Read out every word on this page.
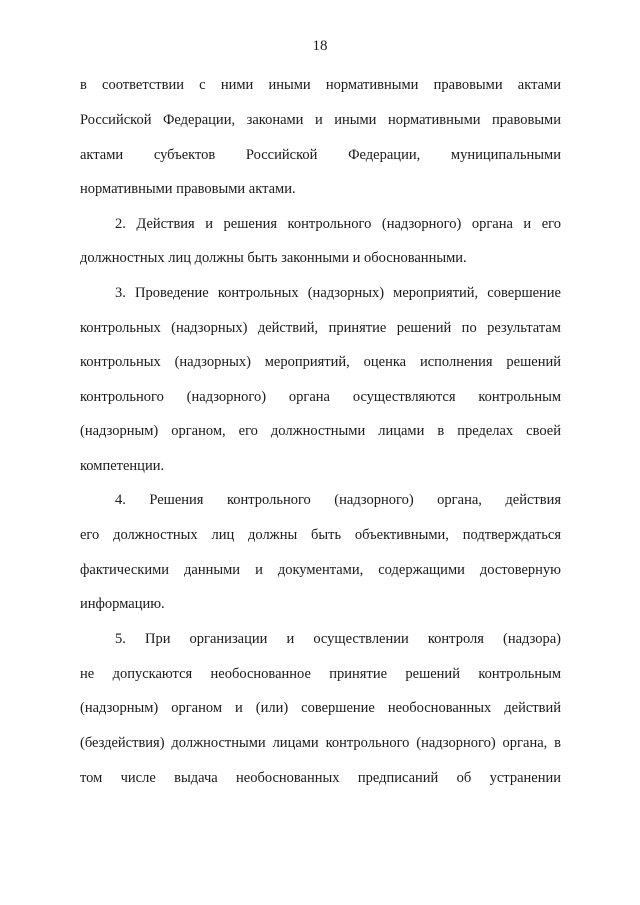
18
в соответствии с ними иными нормативными правовыми актами
Российской Федерации, законами и иными нормативными правовыми
актами субъектов Российской Федерации, муниципальными
нормативными правовыми актами.
2. Действия и решения контрольного (надзорного) органа и его
должностных лиц должны быть законными и обоснованными.
3. Проведение контрольных (надзорных) мероприятий, совершение
контрольных (надзорных) действий, принятие решений по результатам
контрольных (надзорных) мероприятий, оценка исполнения решений
контрольного (надзорного) органа осуществляются контрольным
(надзорным) органом, его должностными лицами в пределах своей
компетенции.
4. Решения контрольного (надзорного) органа, действия
его должностных лиц должны быть объективными, подтверждаться
фактическими данными и документами, содержащими достоверную
информацию.
5. При организации и осуществлении контроля (надзора)
не допускаются необоснованное принятие решений контрольным
(надзорным) органом и (или) совершение необоснованных действий
(бездействия) должностными лицами контрольного (надзорного) органа, в
том числе выдача необоснованных предписаний об устранении
